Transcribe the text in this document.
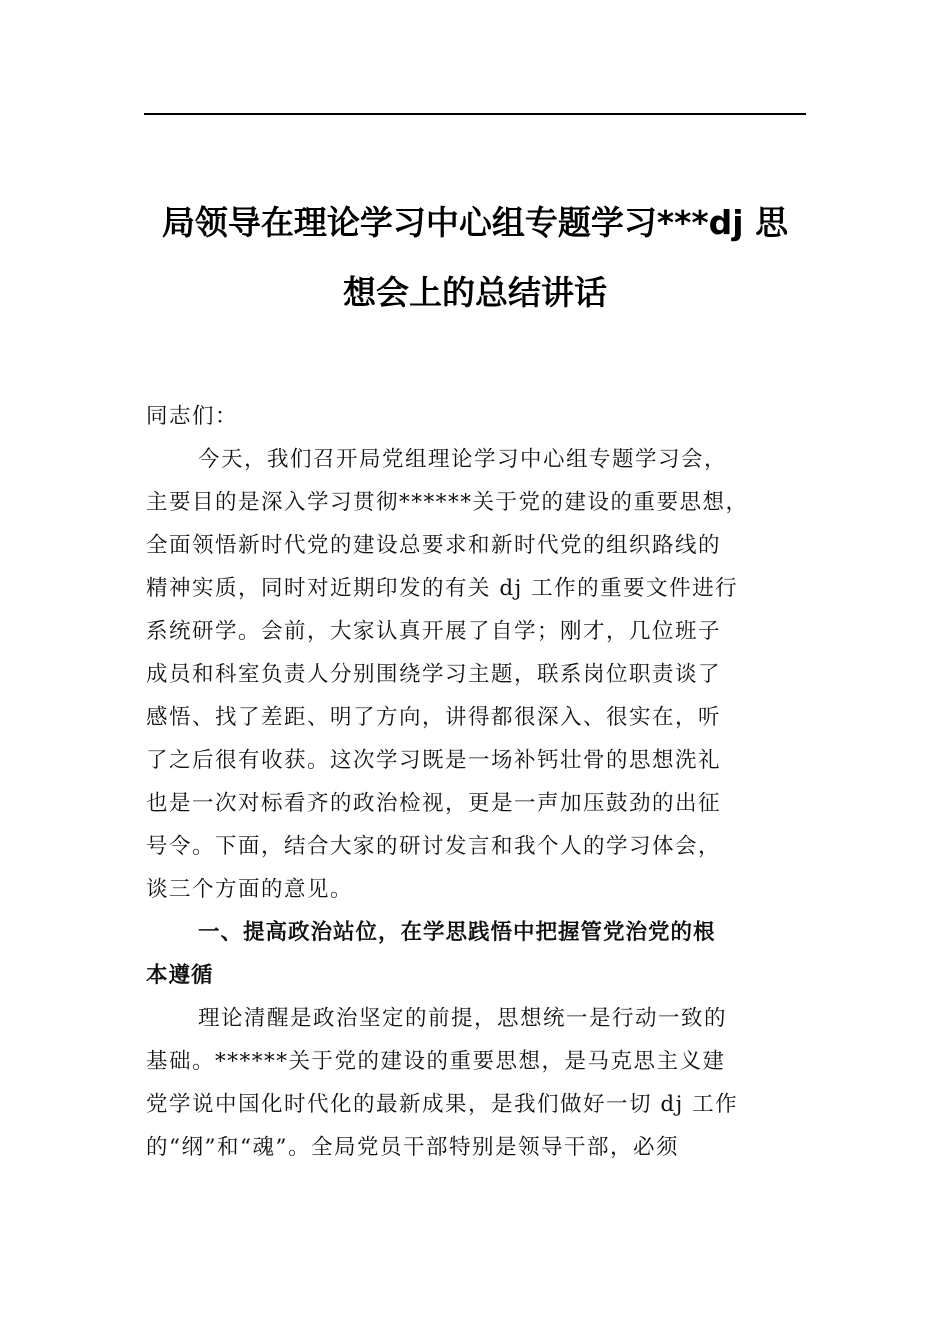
局领导在理论学习中心组专题学习***dj 思
想会上的总结讲话
同志们：
今天，我们召开局党组理论学习中心组专题学习会，
主要目的是深入学习贯彻******关于党的建设的重要思想，
全面领悟新时代党的建设总要求和新时代党的组织路线的
精神实质，同时对近期印发的有关 dj 工作的重要文件进行
系统研学。会前，大家认真开展了自学；刚才，几位班子
成员和科室负责人分别围绕学习主题，联系岗位职责谈了
感悟、找了差距、明了方向，讲得都很深入、很实在，听
了之后很有收获。这次学习既是一场补钙壮骨的思想洗礼
也是一次对标看齐的政治检视，更是一声加压鼓劲的出征
号令。下面，结合大家的研讨发言和我个人的学习体会，
谈三个方面的意见。
一、提高政治站位，在学思践悟中把握管党治党的根
本遵循
理论清醒是政治坚定的前提，思想统一是行动一致的
基础。******关于党的建设的重要思想，是马克思主义建
党学说中国化时代化的最新成果，是我们做好一切 dj 工作
的“纲”和“魂”。全局党员干部特别是领导干部，必须
